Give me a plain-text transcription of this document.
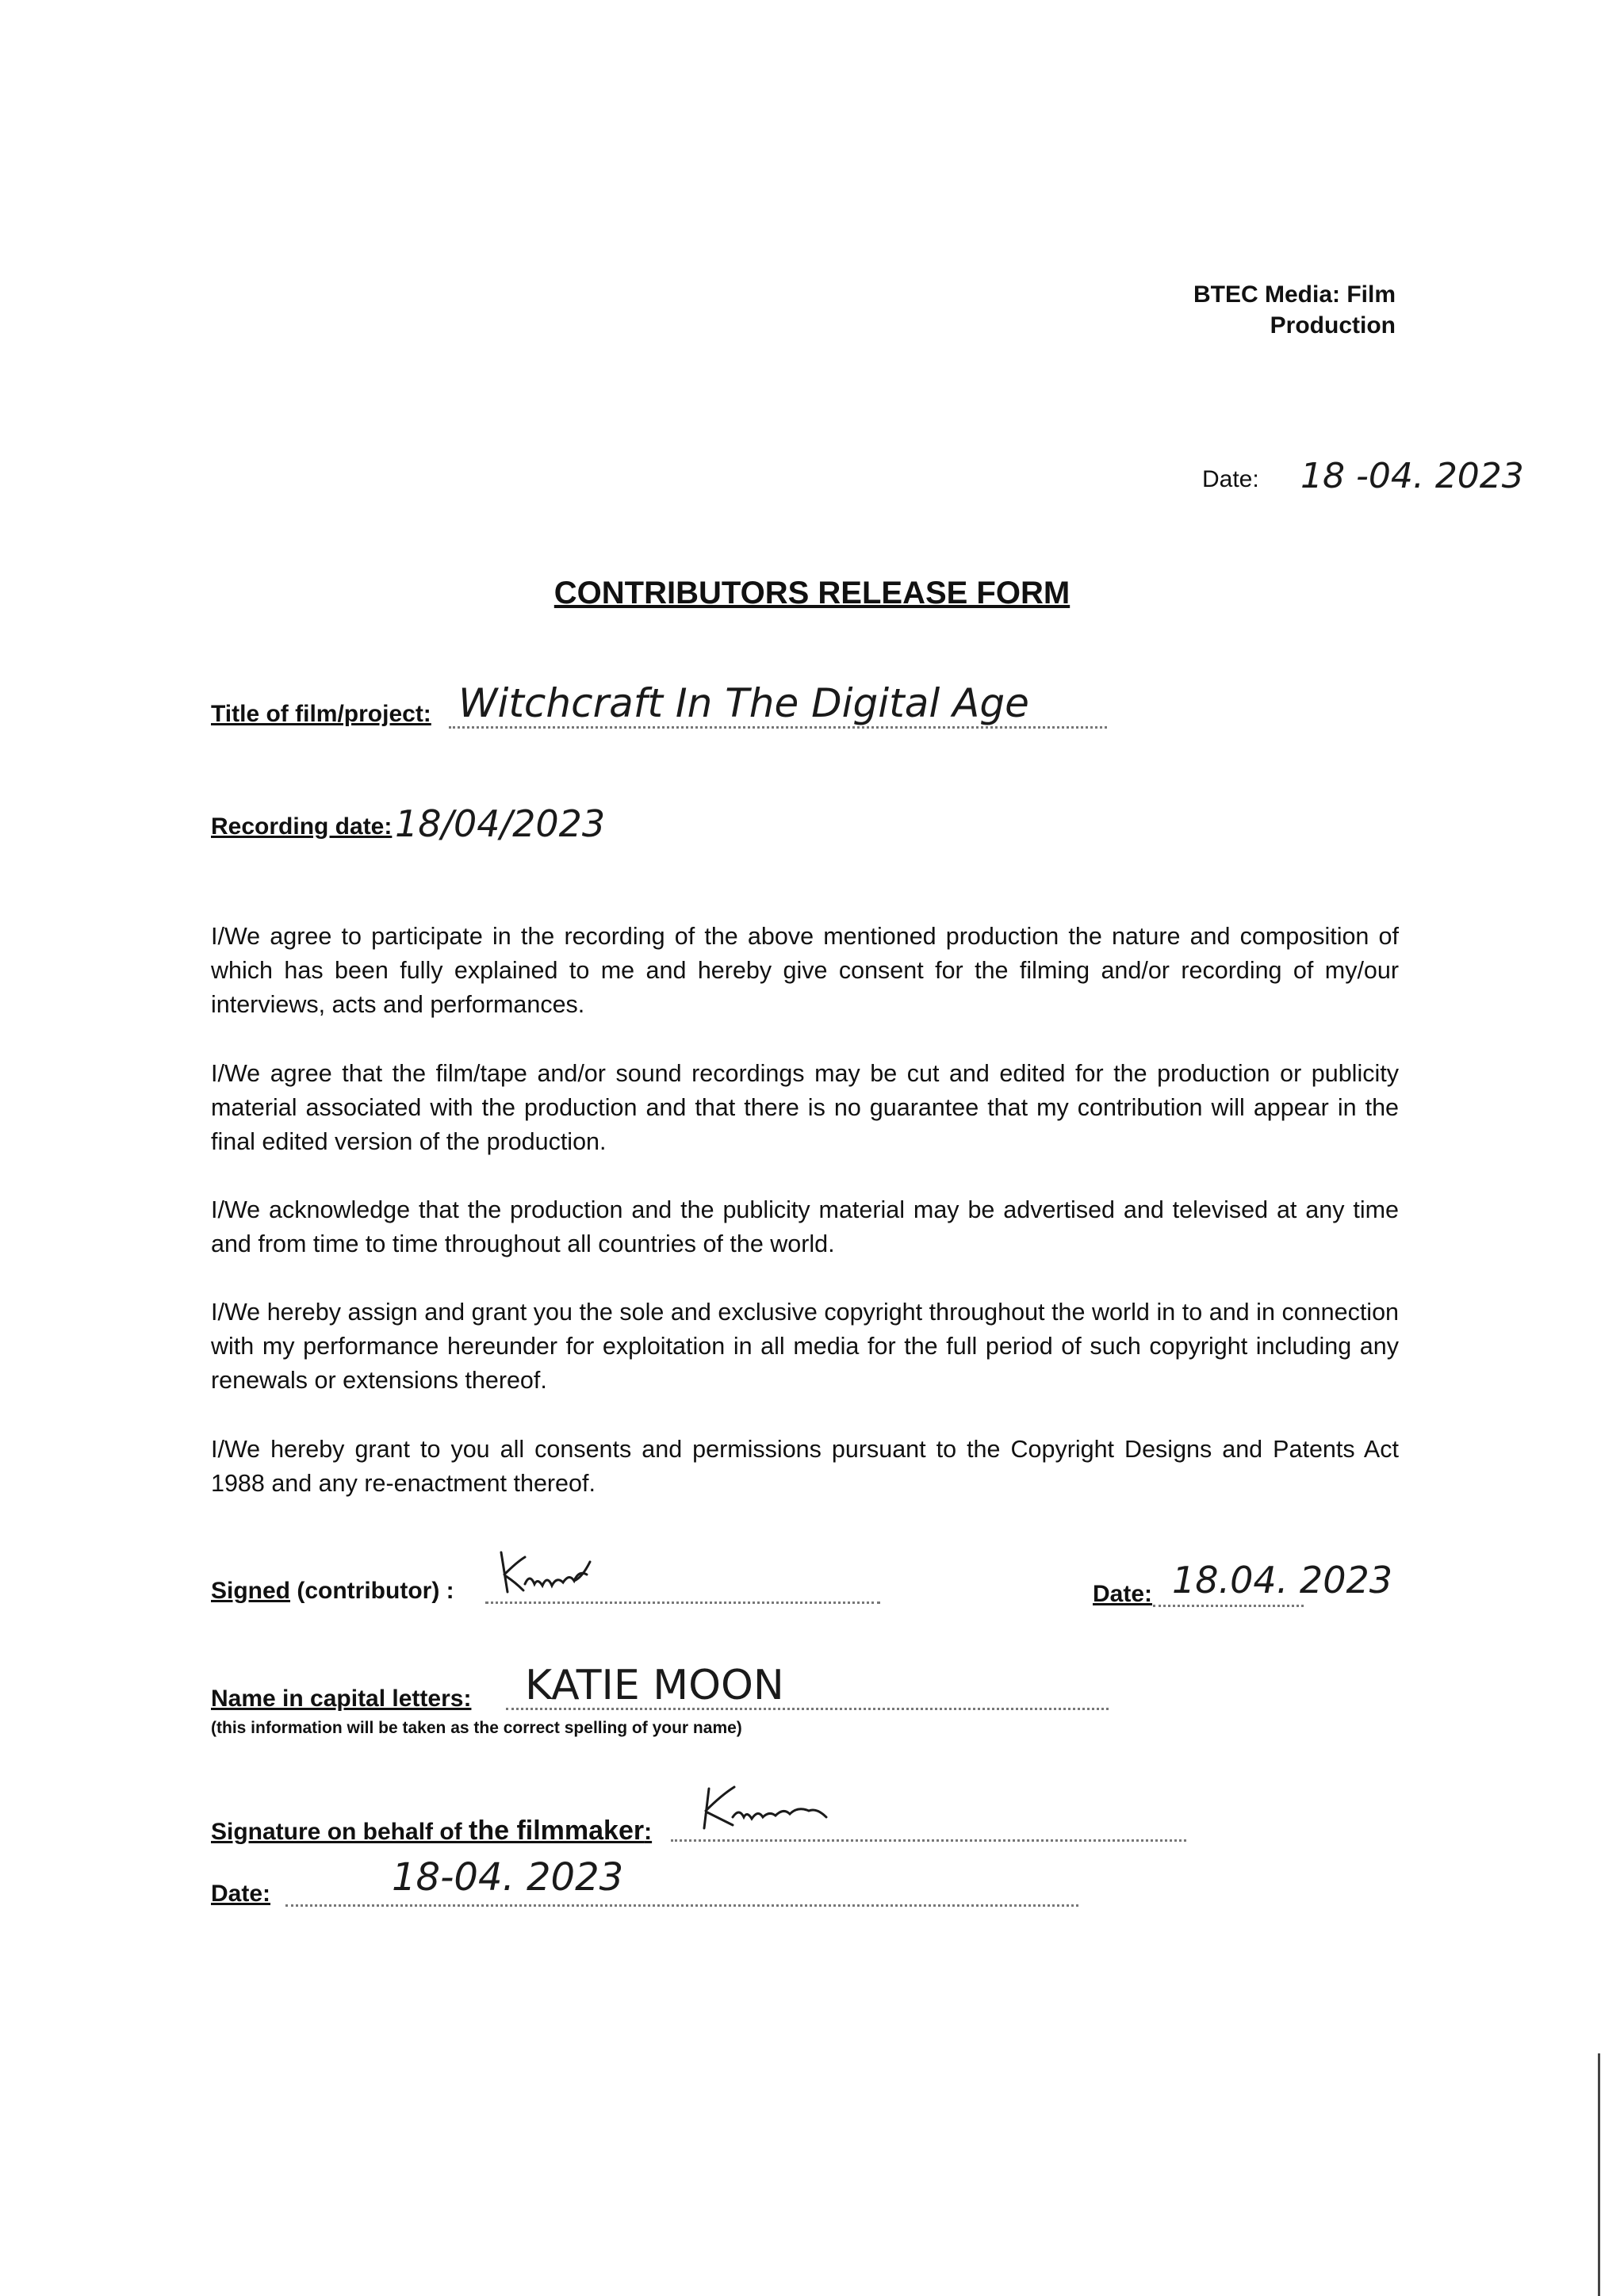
BTEC Media: Film
Production
Date: 18 -04. 2023
CONTRIBUTORS RELEASE FORM
Title of film/project: Witchcraft In The Digital Age
Recording date: 18/04/2023

I/We agree to participate in the recording of the above mentioned production the nature and composition of which has been fully explained to me and hereby give consent for the filming and/or recording of my/our interviews, acts and performances.

I/We agree that the film/tape and/or sound recordings may be cut and edited for the production or publicity material associated with the production and that there is no guarantee that my contribution will appear in the final edited version of the production.

I/We acknowledge that the production and the publicity material may be advertised and televised at any time and from time to time throughout all countries of the world.

I/We hereby assign and grant you the sole and exclusive copyright throughout the world in to and in connection with my performance hereunder for exploitation in all media for the full period of such copyright including any renewals or extensions thereof.

I/We hereby grant to you all consents and permissions pursuant to the Copyright Designs and Patents Act 1988 and any re-enactment thereof.

Signed (contributor) :	Date: 18.04. 2023
Name in capital letters: KATIE MOON
(this information will be taken as the correct spelling of your name)
Signature on behalf of the filmmaker:
Date:	18-04. 2023
